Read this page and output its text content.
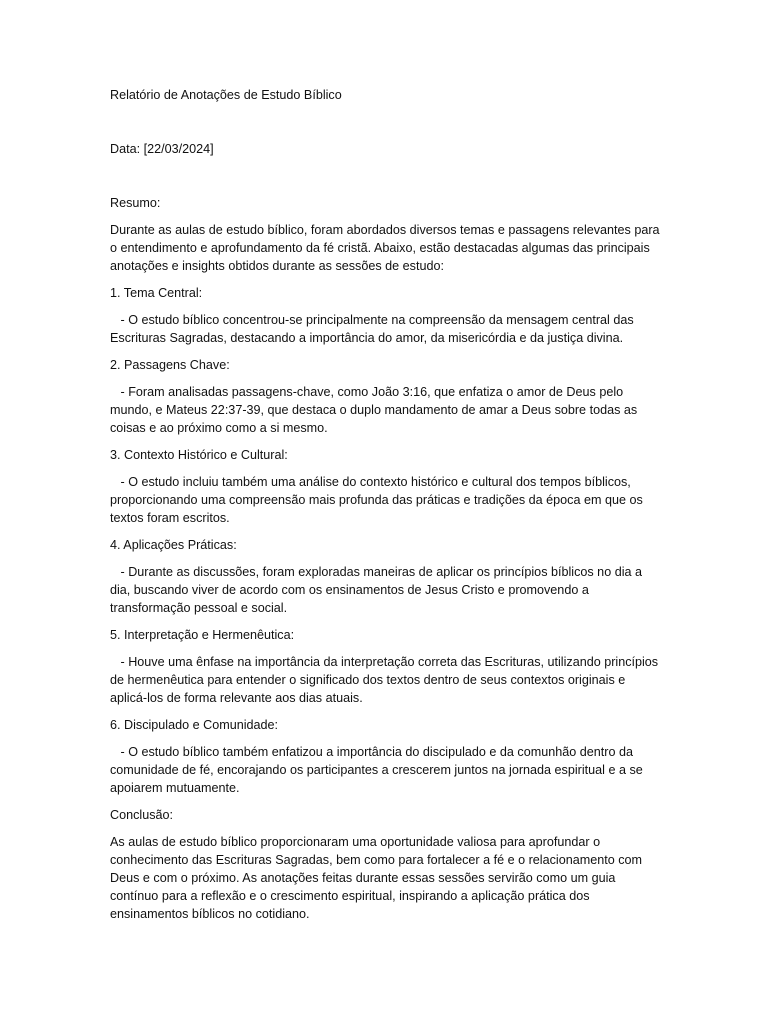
Relatório de Anotações de Estudo Bíblico

Data: [22/03/2024]

Resumo:

Durante as aulas de estudo bíblico, foram abordados diversos temas e passagens relevantes para o entendimento e aprofundamento da fé cristã. Abaixo, estão destacadas algumas das principais anotações e insights obtidos durante as sessões de estudo:

1. Tema Central:

- O estudo bíblico concentrou-se principalmente na compreensão da mensagem central das Escrituras Sagradas, destacando a importância do amor, da misericórdia e da justiça divina.

2. Passagens Chave:

- Foram analisadas passagens-chave, como João 3:16, que enfatiza o amor de Deus pelo mundo, e Mateus 22:37-39, que destaca o duplo mandamento de amar a Deus sobre todas as coisas e ao próximo como a si mesmo.

3. Contexto Histórico e Cultural:

- O estudo incluiu também uma análise do contexto histórico e cultural dos tempos bíblicos, proporcionando uma compreensão mais profunda das práticas e tradições da época em que os textos foram escritos.

4. Aplicações Práticas:

- Durante as discussões, foram exploradas maneiras de aplicar os princípios bíblicos no dia a dia, buscando viver de acordo com os ensinamentos de Jesus Cristo e promovendo a transformação pessoal e social.

5. Interpretação e Hermenêutica:

- Houve uma ênfase na importância da interpretação correta das Escrituras, utilizando princípios de hermenêutica para entender o significado dos textos dentro de seus contextos originais e aplicá-los de forma relevante aos dias atuais.

6. Discipulado e Comunidade:

- O estudo bíblico também enfatizou a importância do discipulado e da comunhão dentro da comunidade de fé, encorajando os participantes a crescerem juntos na jornada espiritual e a se apoiarem mutuamente.

Conclusão:

As aulas de estudo bíblico proporcionaram uma oportunidade valiosa para aprofundar o conhecimento das Escrituras Sagradas, bem como para fortalecer a fé e o relacionamento com Deus e com o próximo. As anotações feitas durante essas sessões servirão como um guia contínuo para a reflexão e o crescimento espiritual, inspirando a aplicação prática dos ensinamentos bíblicos no cotidiano.
